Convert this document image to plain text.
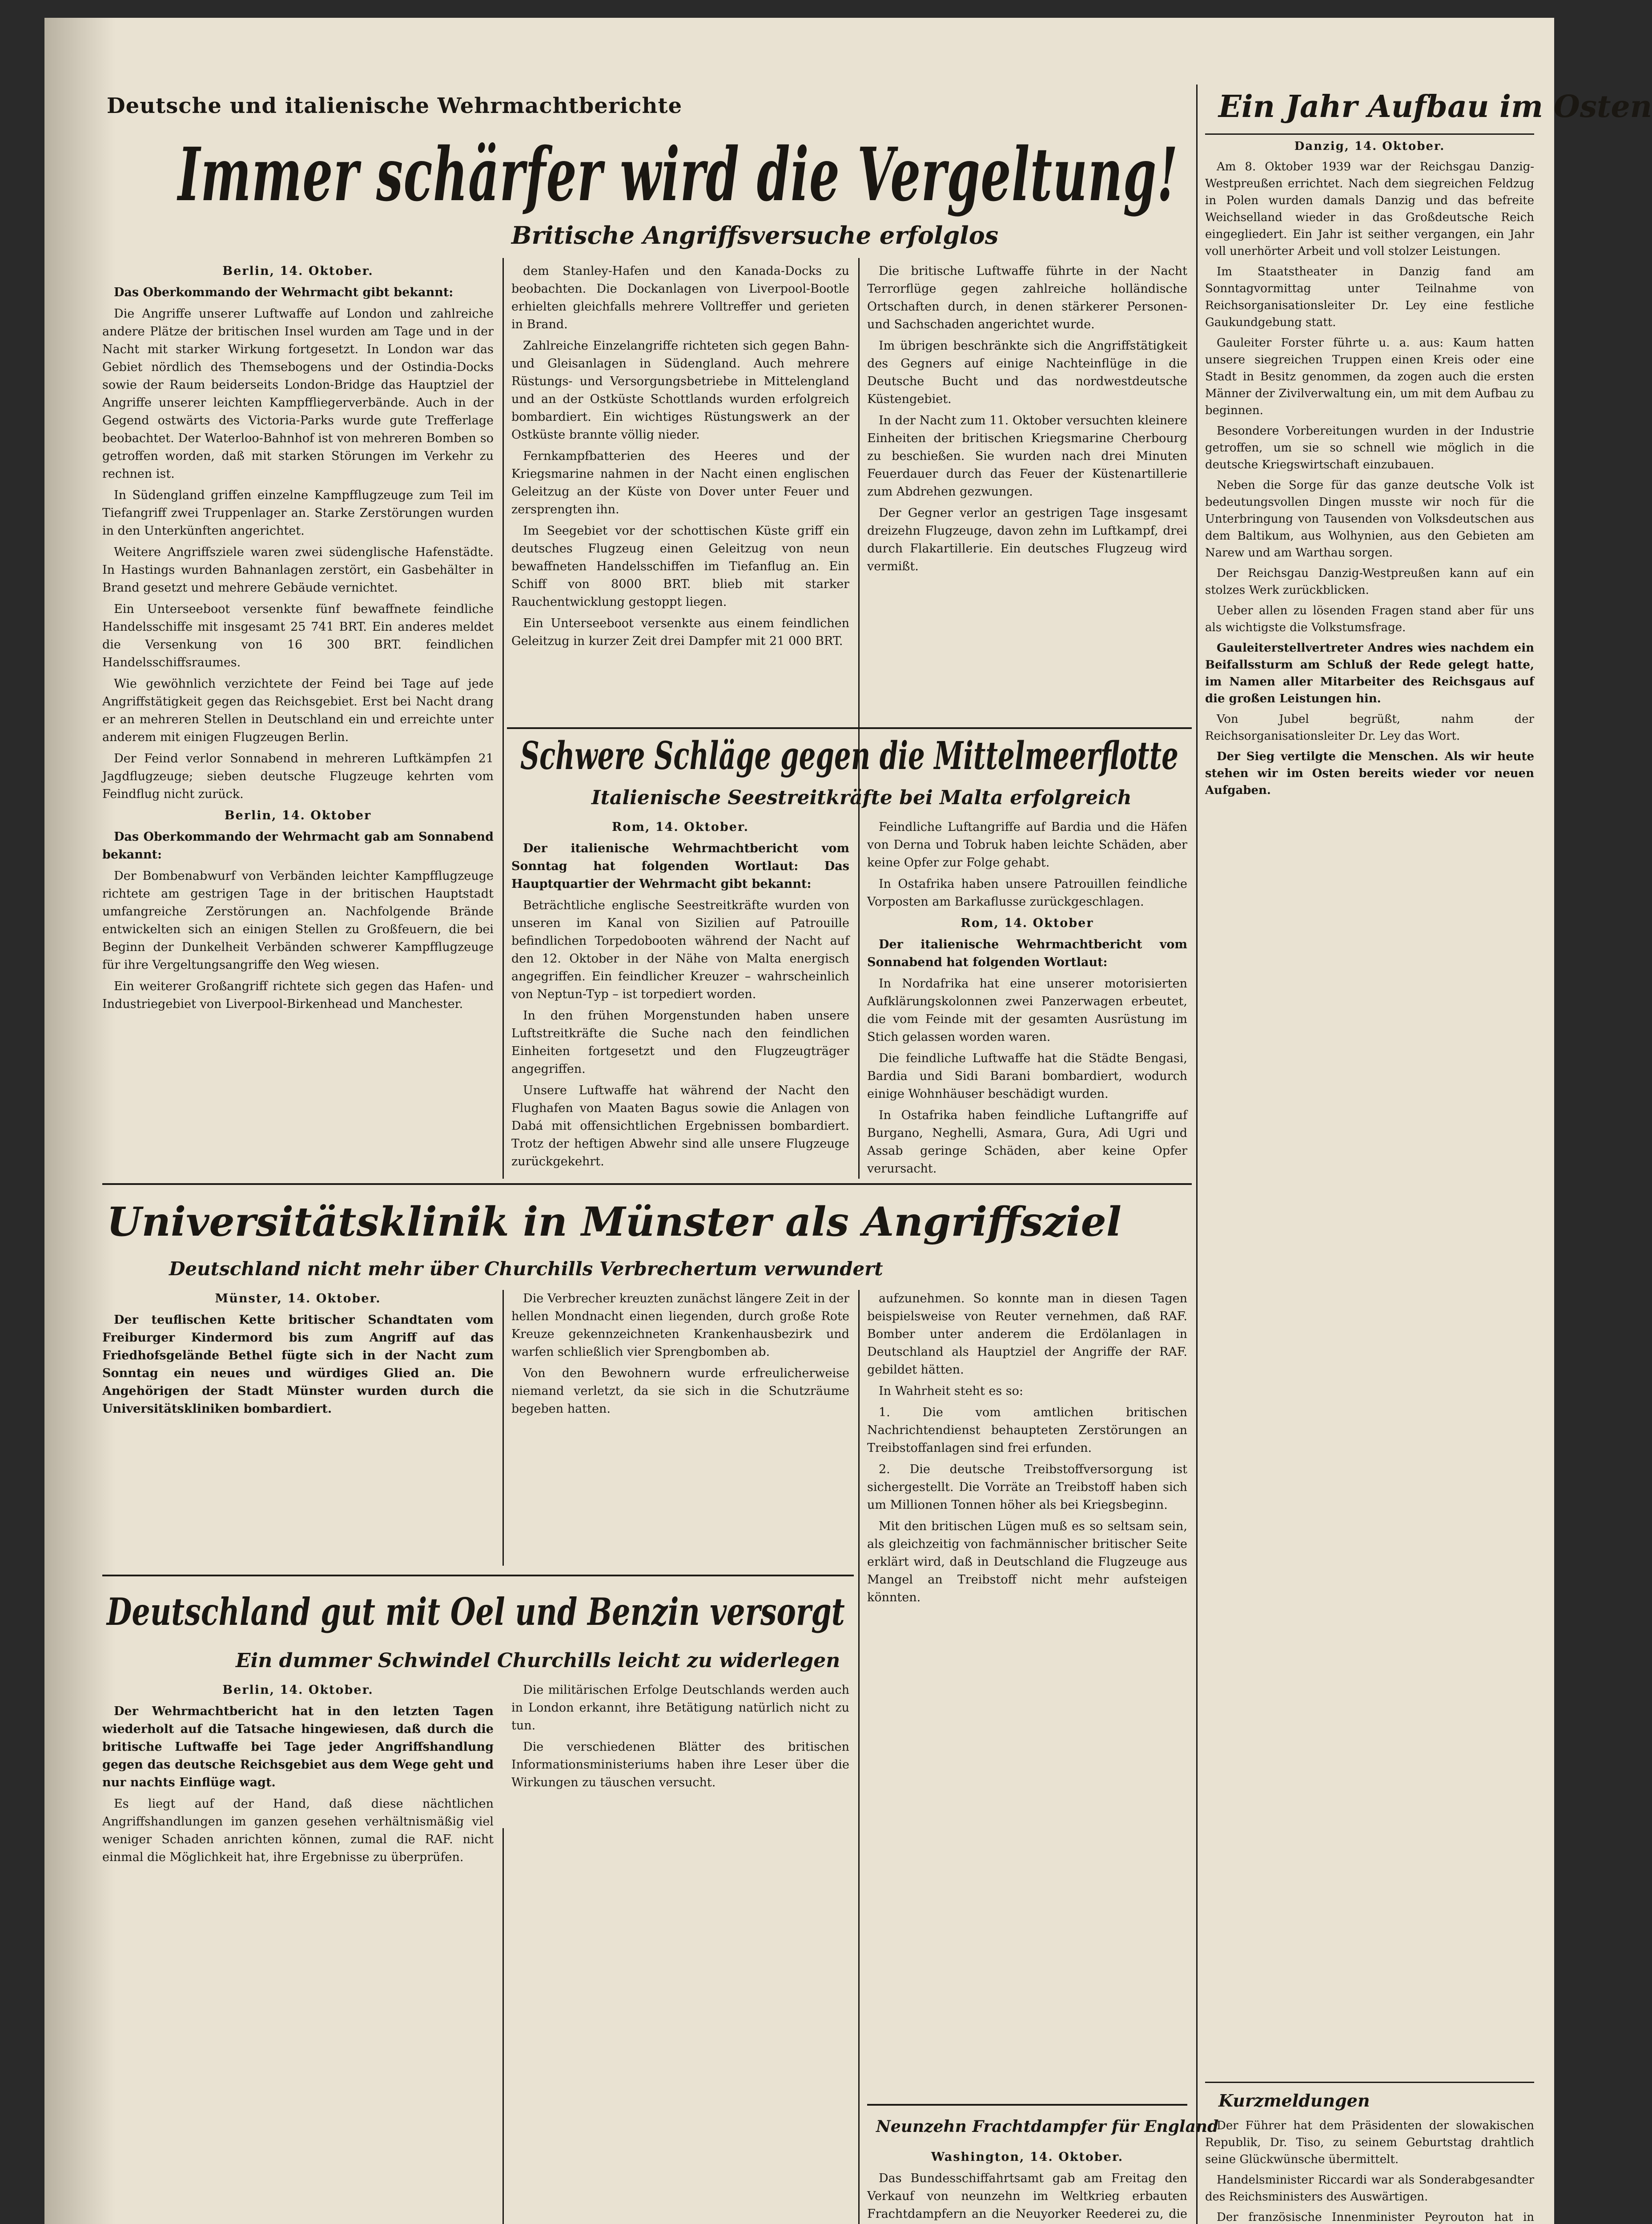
Deutsche und italienische Wehrmachtberichte
Immer schärfer wird die Vergeltung!
Britische Angriffsversuche erfolglos

Berlin, 14. Oktober.

Das Oberkommando der Wehrmacht gibt bekannt:

Die Angriffe unserer Luftwaffe auf London und zahlreiche andere Plätze der britischen Insel wurden am Tage und in der Nacht mit starker Wirkung fortgesetzt. In London war das Gebiet nördlich des Themsebogens und der Ostindia-Docks sowie der Raum beiderseits London-Bridge das Hauptziel der Angriffe unserer leichten Kampffliegerverbände. Auch in der Gegend ostwärts des Victoria-Parks wurde gute Trefferlage beobachtet. Der Waterloo-Bahnhof ist von mehreren Bomben so getroffen worden, daß mit starken Störungen im Verkehr zu rechnen ist.

In Südengland griffen einzelne Kampfflugzeuge zum Teil im Tiefangriff zwei Truppenlager an. Starke Zerstörungen wurden in den Unterkünften angerichtet.

Weitere Angriffsziele waren zwei südenglische Hafenstädte. In Hastings wurden Bahnanlagen zerstört, ein Gasbehälter in Brand gesetzt und mehrere Gebäude vernichtet.

Ein Unterseeboot versenkte fünf bewaffnete feindliche Handelsschiffe mit insgesamt 25 741 BRT. Ein anderes meldet die Versenkung von 16 300 BRT. feindlichen Handelsschiffsraumes.

Wie gewöhnlich verzichtete der Feind bei Tage auf jede Angriffstätigkeit gegen das Reichsgebiet. Erst bei Nacht drang er an mehreren Stellen in Deutschland ein und erreichte unter anderem mit einigen Flugzeugen Berlin.

Der Feind verlor Sonnabend in mehreren Luftkämpfen 21 Jagdflugzeuge; sieben deutsche Flugzeuge kehrten vom Feindflug nicht zurück.

Berlin, 14. Oktober

Das Oberkommando der Wehrmacht gab am Sonnabend bekannt:

Der Bombenabwurf von Verbänden leichter Kampfflugzeuge richtete am gestrigen Tage in der britischen Hauptstadt umfangreiche Zerstörungen an. Nachfolgende Brände entwickelten sich an einigen Stellen zu Großfeuern, die bei Beginn der Dunkelheit Verbänden schwerer Kampfflugzeuge für ihre Vergeltungsangriffe den Weg wiesen.

Ein weiterer Großangriff richtete sich gegen das Hafen- und Industriegebiet von Liverpool-Birkenhead und Manchester.

dem Stanley-Hafen und den Kanada-Docks zu beobachten. Die Dockanlagen von Liverpool-Bootle erhielten gleichfalls mehrere Volltreffer und gerieten in Brand.

Zahlreiche Einzelangriffe richteten sich gegen Bahn- und Gleisanlagen in Südengland. Auch mehrere Rüstungs- und Versorgungsbetriebe in Mittelengland und an der Ostküste Schottlands wurden erfolgreich bombardiert. Ein wichtiges Rüstungswerk an der Ostküste brannte völlig nieder.

Fernkampfbatterien des Heeres und der Kriegsmarine nahmen in der Nacht einen englischen Geleitzug an der Küste von Dover unter Feuer und zersprengten ihn.

Im Seegebiet vor der schottischen Küste griff ein deutsches Flugzeug einen Geleitzug von neun bewaffneten Handelsschiffen im Tiefanflug an. Ein Schiff von 8000 BRT. blieb mit starker Rauchentwicklung gestoppt liegen.

Ein Unterseeboot versenkte aus einem feindlichen Geleitzug in kurzer Zeit drei Dampfer mit 21 000 BRT.

Die britische Luftwaffe führte in der Nacht Terrorflüge gegen zahlreiche holländische Ortschaften durch, in denen stärkerer Personen- und Sachschaden angerichtet wurde.

Im übrigen beschränkte sich die Angriffstätigkeit des Gegners auf einige Nachteinflüge in die Deutsche Bucht und das nordwestdeutsche Küstengebiet.

In der Nacht zum 11. Oktober versuchten kleinere Einheiten der britischen Kriegsmarine Cherbourg zu beschießen. Sie wurden nach drei Minuten Feuerdauer durch das Feuer der Küstenartillerie zum Abdrehen gezwungen.

Der Gegner verlor an gestrigen Tage insgesamt dreizehn Flugzeuge, davon zehn im Luftkampf, drei durch Flakartillerie. Ein deutsches Flugzeug wird vermißt.

Schwere Schläge gegen die Mittelmeerflotte
Italienische Seestreitkräfte bei Malta erfolgreich

Rom, 14. Oktober.

Der italienische Wehrmachtbericht vom Sonntag hat folgenden Wortlaut: Das Hauptquartier der Wehrmacht gibt bekannt:

Beträchtliche englische Seestreitkräfte wurden von unseren im Kanal von Sizilien auf Patrouille befindlichen Torpedobooten während der Nacht auf den 12. Oktober in der Nähe von Malta energisch angegriffen. Ein feindlicher Kreuzer – wahrscheinlich von Neptun-Typ – ist torpediert worden.

In den frühen Morgenstunden haben unsere Luftstreitkräfte die Suche nach den feindlichen Einheiten fortgesetzt und den Flugzeugträger angegriffen.

Unsere Luftwaffe hat während der Nacht den Flughafen von Maaten Bagus sowie die Anlagen von Dabá mit offensichtlichen Ergebnissen bombardiert. Trotz der heftigen Abwehr sind alle unsere Flugzeuge zurückgekehrt.

Feindliche Luftangriffe auf Bardia und die Häfen von Derna und Tobruk haben leichte Schäden, aber keine Opfer zur Folge gehabt.

In Ostafrika haben unsere Patrouillen feindliche Vorposten am Barkaflusse zurückgeschlagen.

Rom, 14. Oktober

Der italienische Wehrmachtbericht vom Sonnabend hat folgenden Wortlaut:

In Nordafrika hat eine unserer motorisierten Aufklärungskolonnen zwei Panzerwagen erbeutet, die vom Feinde mit der gesamten Ausrüstung im Stich gelassen worden waren.

Die feindliche Luftwaffe hat die Städte Bengasi, Bardia und Sidi Barani bombardiert, wodurch einige Wohnhäuser beschädigt wurden.

In Ostafrika haben feindliche Luftangriffe auf Burgano, Neghelli, Asmara, Gura, Adi Ugri und Assab geringe Schäden, aber keine Opfer verursacht.

Universitätsklinik in Münster als Angriffsziel
Deutschland nicht mehr über Churchills Verbrechertum verwundert

Münster, 14. Oktober.

Der teuflischen Kette britischer Schandtaten vom Freiburger Kindermord bis zum Angriff auf das Friedhofsgelände Bethel fügte sich in der Nacht zum Sonntag ein neues und würdiges Glied an. Die Angehörigen der Stadt Münster wurden durch die Universitätskliniken bombardiert.

Die Verbrecher kreuzten zunächst längere Zeit in der hellen Mondnacht einen liegenden, durch große Rote Kreuze gekennzeichneten Krankenhausbezirk und warfen schließlich vier Sprengbomben ab.

Von den Bewohnern wurde erfreulicherweise niemand verletzt, da sie sich in die Schutzräume begeben hatten.

Deutschland gut mit Oel und Benzin versorgt
Ein dummer Schwindel Churchills leicht zu widerlegen

Berlin, 14. Oktober.

Der Wehrmachtbericht hat in den letzten Tagen wiederholt auf die Tatsache hingewiesen, daß durch die britische Luftwaffe bei Tage jeder Angriffshandlung gegen das deutsche Reichsgebiet aus dem Wege geht und nur nachts Einflüge wagt.

Es liegt auf der Hand, daß diese nächtlichen Angriffshandlungen im ganzen gesehen verhältnismäßig viel weniger Schaden anrichten können, zumal die RAF. nicht einmal die Möglichkeit hat, ihre Ergebnisse zu überprüfen.

Die militärischen Erfolge Deutschlands werden auch in London erkannt, ihre Betätigung natürlich nicht zu tun.

Die verschiedenen Blätter des britischen Informationsministeriums haben ihre Leser über die Wirkungen zu täuschen versucht.

aufzunehmen. So konnte man in diesen Tagen beispielsweise von Reuter vernehmen, daß RAF. Bomber unter anderem die Erdölanlagen in Deutschland als Hauptziel der Angriffe der RAF. gebildet hätten.

In Wahrheit steht es so:

1. Die vom amtlichen britischen Nachrichtendienst behaupteten Zerstörungen an Treibstoffanlagen sind frei erfunden.

2. Die deutsche Treibstoffversorgung ist sichergestellt. Die Vorräte an Treibstoff haben sich um Millionen Tonnen höher als bei Kriegsbeginn.

Mit den britischen Lügen muß es so seltsam sein, als gleichzeitig von fachmännischer britischer Seite erklärt wird, daß in Deutschland die Flugzeuge aus Mangel an Treibstoff nicht mehr aufsteigen könnten.

Neunzehn Frachtdampfer für England

Washington, 14. Oktober.

Das Bundesschiffahrtsamt gab am Freitag den Verkauf von neunzehn im Weltkrieg erbauten Frachtdampfern an die Neuyorker Reederei zu, die

Ein Jahr Aufbau im Osten

Danzig, 14. Oktober.

Am 8. Oktober 1939 war der Reichsgau Danzig-Westpreußen errichtet. Nach dem siegreichen Feldzug in Polen wurden damals Danzig und das befreite Weichselland wieder in das Großdeutsche Reich eingegliedert. Ein Jahr ist seither vergangen, ein Jahr voll unerhörter Arbeit und voll stolzer Leistungen.

Im Staatstheater in Danzig fand am Sonntagvormittag unter Teilnahme von Reichsorganisationsleiter Dr. Ley eine festliche Gaukundgebung statt.

Gauleiter Forster führte u. a. aus: Kaum hatten unsere siegreichen Truppen einen Kreis oder eine Stadt in Besitz genommen, da zogen auch die ersten Männer der Zivilverwaltung ein, um mit dem Aufbau zu beginnen.

Besondere Vorbereitungen wurden in der Industrie getroffen, um sie so schnell wie möglich in die deutsche Kriegswirtschaft einzubauen.

Neben die Sorge für das ganze deutsche Volk ist bedeutungsvollen Dingen musste wir noch für die Unterbringung von Tausenden von Volksdeutschen aus dem Baltikum, aus Wolhynien, aus den Gebieten am Narew und am Warthau sorgen.

Der Reichsgau Danzig-Westpreußen kann auf ein stolzes Werk zurückblicken.

Ueber allen zu lösenden Fragen stand aber für uns als wichtigste die Volkstumsfrage.

Gauleiterstellvertreter Andres wies nachdem ein Beifallssturm am Schluß der Rede gelegt hatte, im Namen aller Mitarbeiter des Reichsgaus auf die großen Leistungen hin.

Von Jubel begrüßt, nahm der Reichsorganisationsleiter Dr. Ley das Wort.

Der Sieg vertilgte die Menschen. Als wir heute stehen wir im Osten bereits wieder vor neuen Aufgaben.

Kurzmeldungen

Der Führer hat dem Präsidenten der slowakischen Republik, Dr. Tiso, zu seinem Geburtstag drahtlich seine Glückwünsche übermittelt.

Handelsminister Riccardi war als Sonderabgesandter des Reichsministers des Auswärtigen.

Der französische Innenminister Peyrouton hat in
